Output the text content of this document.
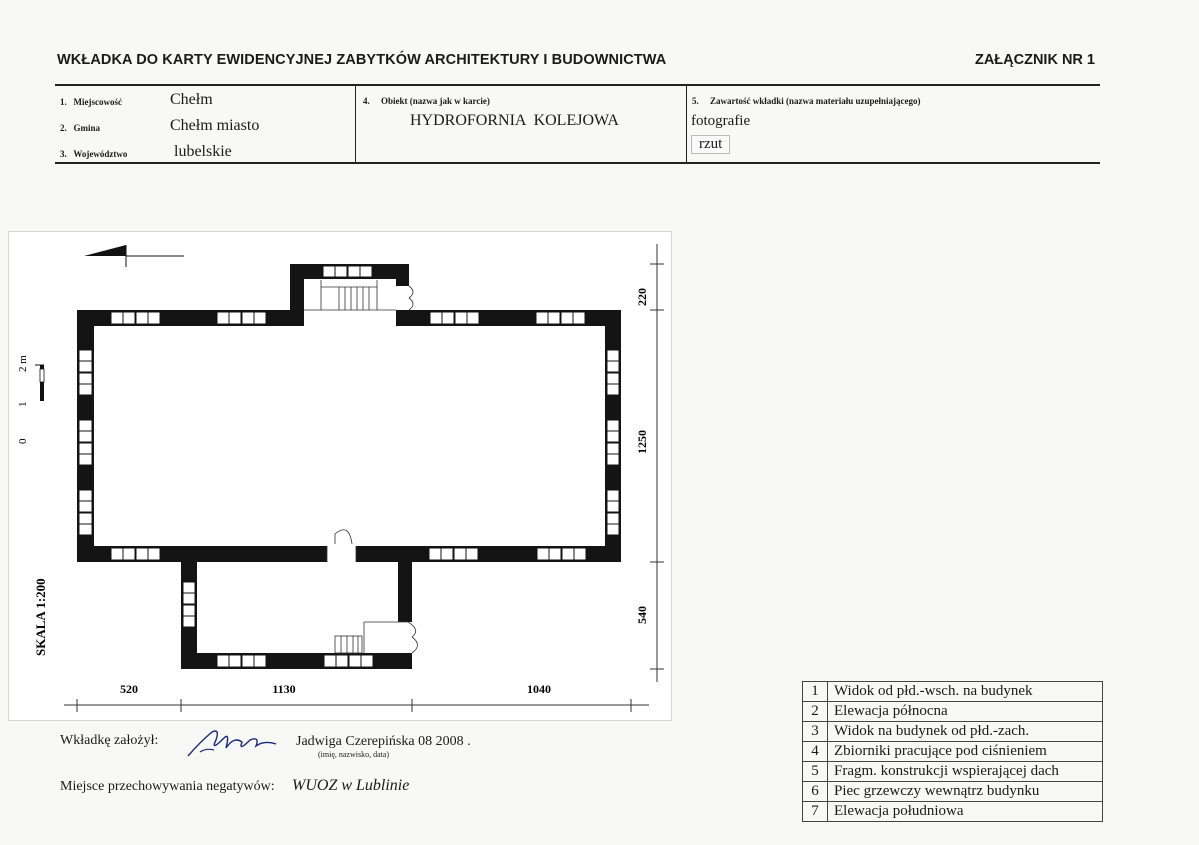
WKŁADKA DO KARTY EWIDENCYJNEJ ZABYTKÓW ARCHITEKTURY I BUDOWNICTWA	ZAŁĄCZNIK NR 1
1.   Miejscowość	Chełm
2.   Gmina	Chełm miasto
3.   Województwo	lubelskie
4.     Obiekt (nazwa jak w karcie)
HYDROFORNIA  KOLEJOWA
5.     Zawartość wkładki (nazwa materiału uzupełniającego)
fotografie
rzut
0
1
2 m
SKALA 1:200
520	1130	1040
220
1250
540
Wkładkę założył:	Jadwiga Czerepińska 08 2008 .
(imię, nazwisko, data)
Miejsce przechowywania negatywów: WUOZ w Lublinie
1	Widok od płd.-wsch. na budynek
2	Elewacja północna
3	Widok na budynek od płd.-zach.
4	Zbiorniki pracujące pod ciśnieniem
5	Fragm. konstrukcji wspierającej dach
6	Piec grzewczy wewnątrz budynku
7	Elewacja południowa
